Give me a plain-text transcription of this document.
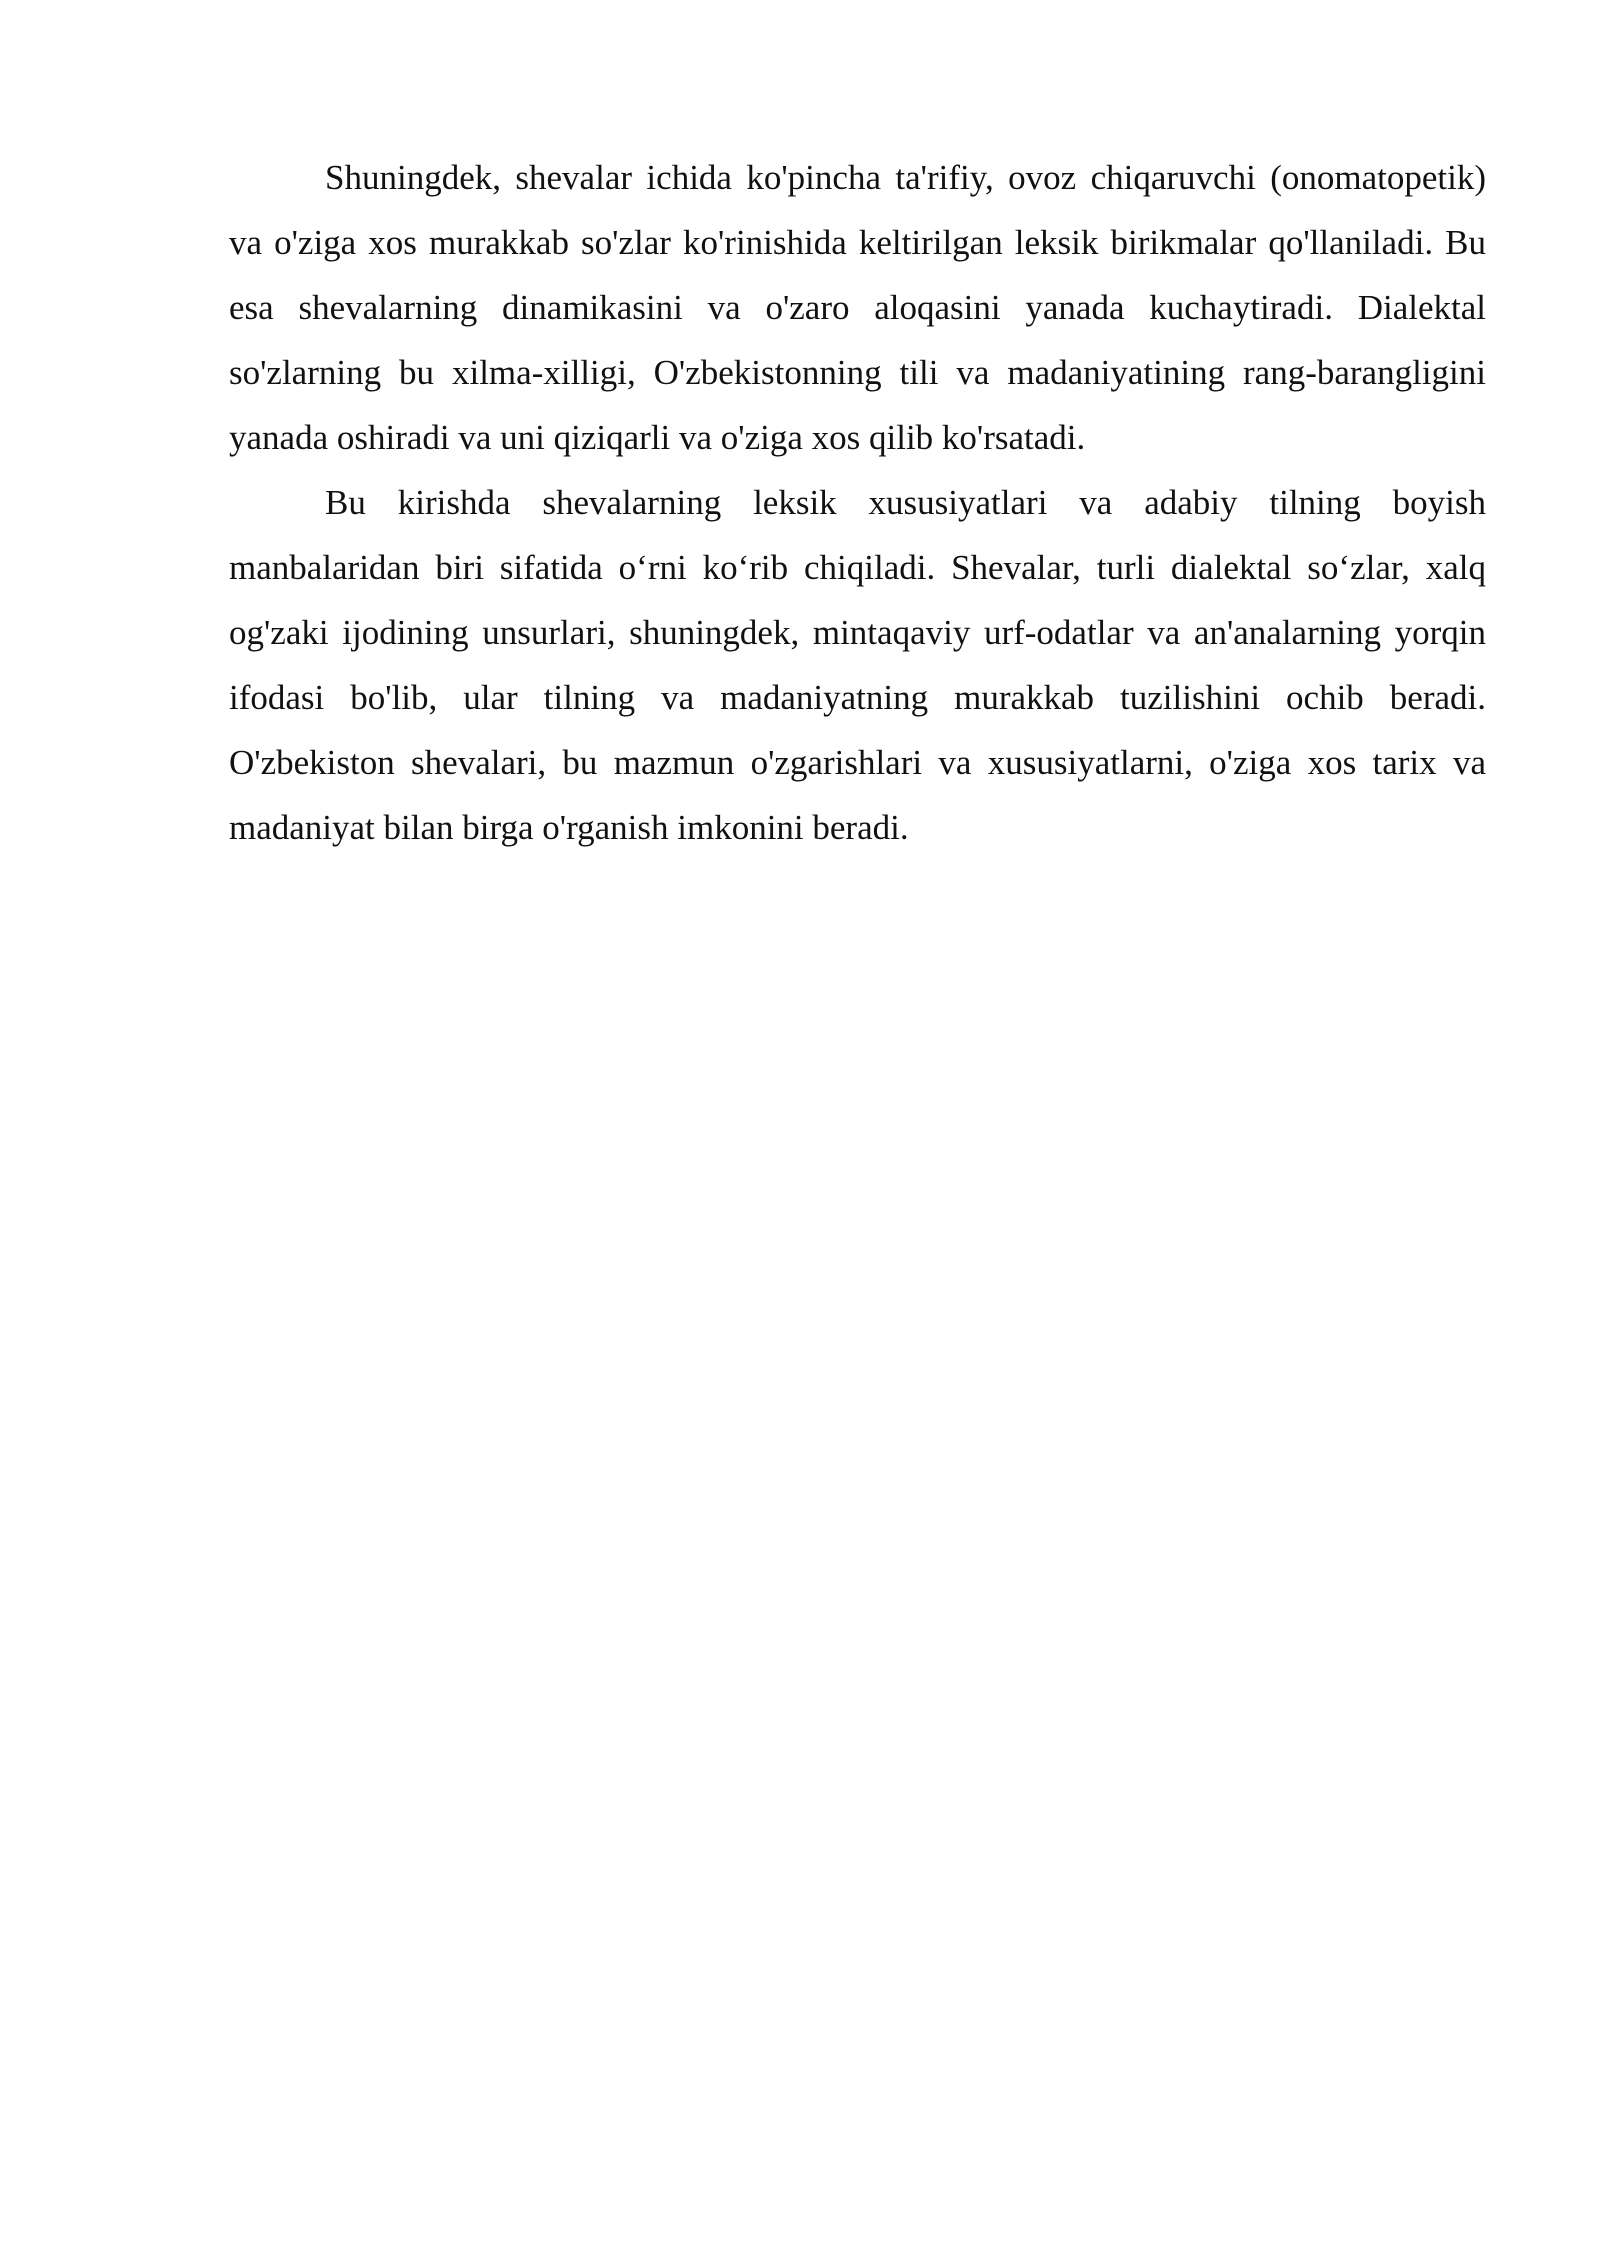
Shuningdek, shevalar ichida ko'pincha ta'rifiy, ovoz chiqaruvchi (onomatopetik) va o'ziga xos murakkab so'zlar ko'rinishida keltirilgan leksik birikmalar qo'llaniladi. Bu esa shevalarning dinamikasini va o'zaro aloqasini yanada kuchaytiradi. Dialektal so'zlarning bu xilma-xilligi, O'zbekistonning tili va madaniyatining rang-barangligini yanada oshiradi va uni qiziqarli va o'ziga xos qilib ko'rsatadi.

Bu kirishda shevalarning leksik xususiyatlari va adabiy tilning boyish manbalaridan biri sifatida o‘rni ko‘rib chiqiladi. Shevalar, turli dialektal so‘zlar, xalq og'zaki ijodining unsurlari, shuningdek, mintaqaviy urf-odatlar va an'analarning yorqin ifodasi bo'lib, ular tilning va madaniyatning murakkab tuzilishini ochib beradi. O'zbekiston shevalari, bu mazmun o'zgarishlari va xususiyatlarni, o'ziga xos tarix va madaniyat bilan birga o'rganish imkonini beradi.
